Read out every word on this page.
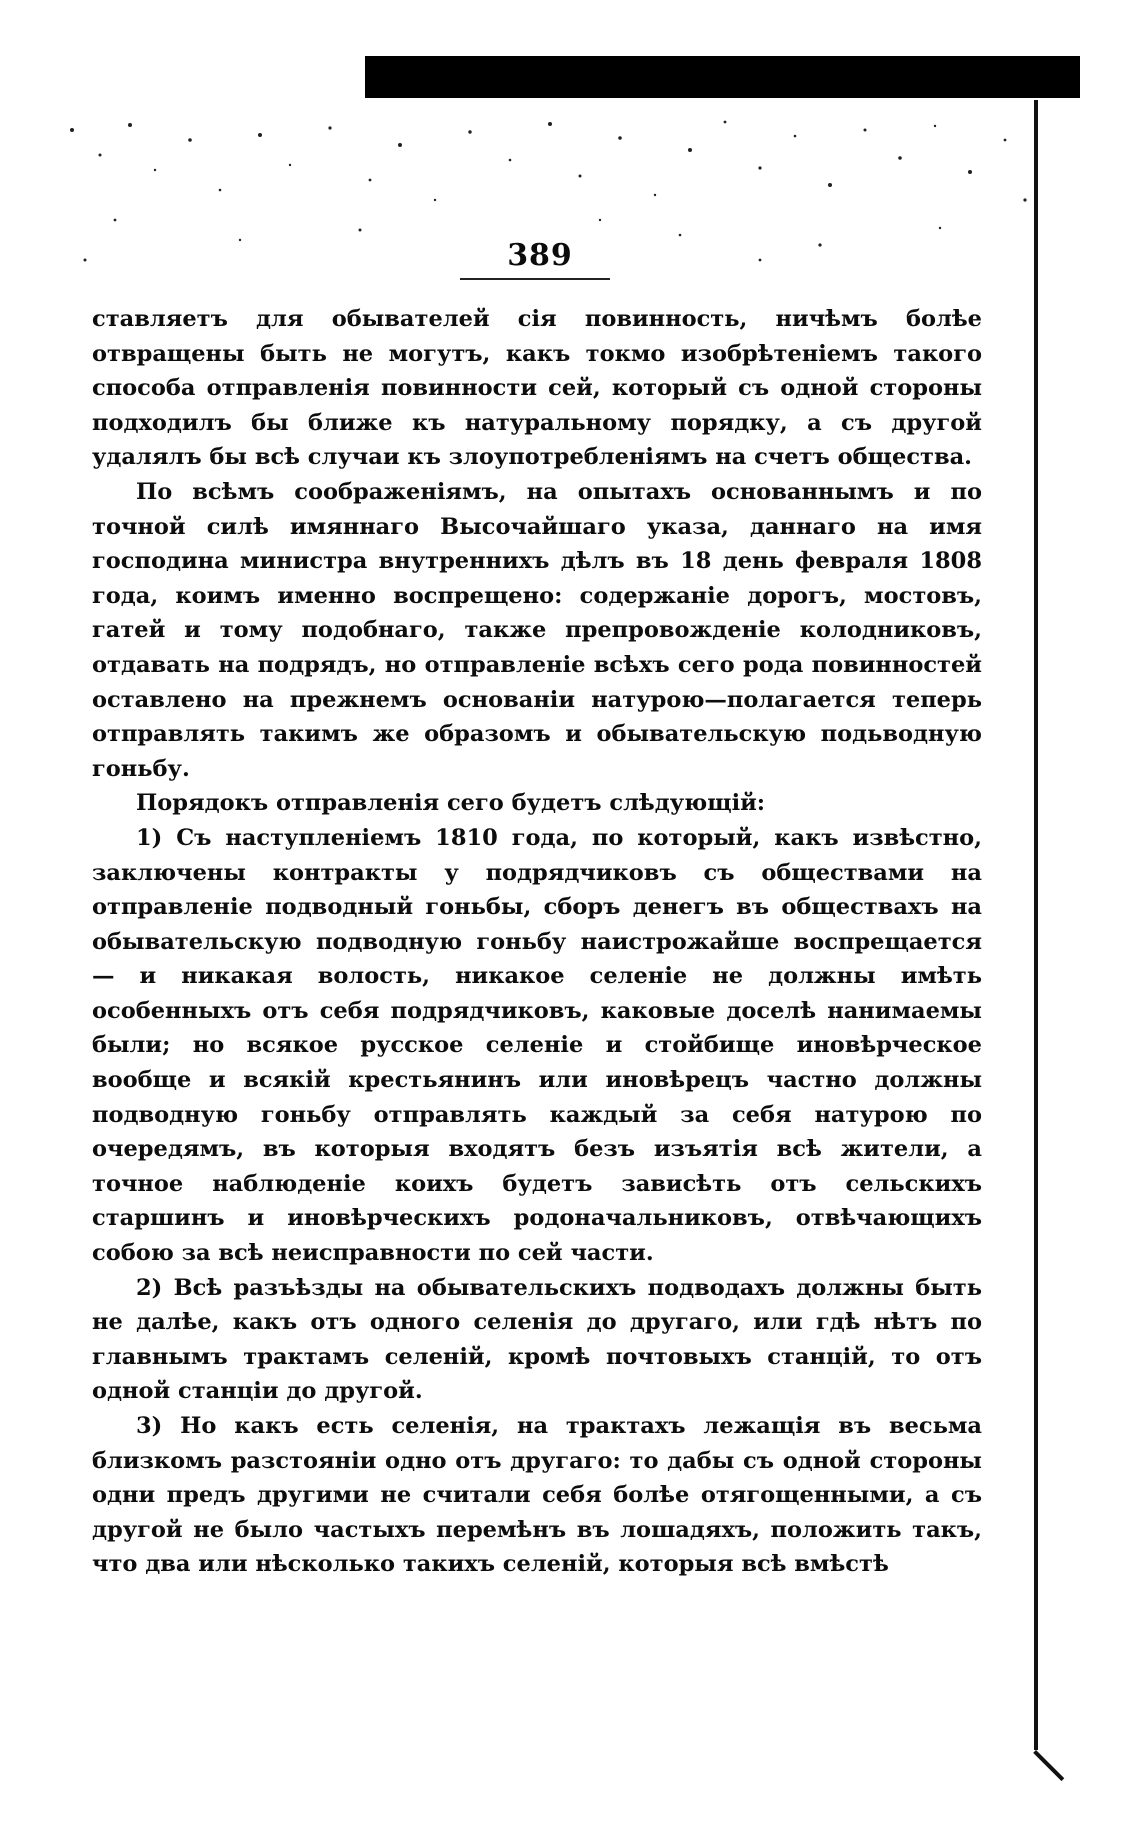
389

ставляетъ для обывателей сія повинность, ничѣмъ болѣе отвращены быть не могутъ, какъ токмо изобрѣтеніемъ такого способа отправленія повинности сей, который съ одной стороны подходилъ бы ближе къ натуральному порядку, а съ другой удалялъ бы всѣ случаи къ злоупотребленіямъ на счетъ общества.

По всѣмъ соображеніямъ, на опытахъ основаннымъ и по точной силѣ имяннаго Высочайшаго указа, даннаго на имя господина министра внутреннихъ дѣлъ въ 18 день февраля 1808 года, коимъ именно воспрещено: содержаніе дорогъ, мостовъ, гатей и тому подобнаго, также препровожденіе колодниковъ, отдавать на подрядъ, но отправленіе всѣхъ сего рода повинностей оставлено на прежнемъ основаніи натурою—полагается теперь отправлять такимъ же образомъ и обывательскую подьводную гоньбу.

Порядокъ отправленія сего будетъ слѣдующій:

1) Съ наступленіемъ 1810 года, по который, какъ извѣстно, заключены контракты у подрядчиковъ съ обществами на отправленіе подводный гоньбы, сборъ денегъ въ обществахъ на обывательскую подводную гоньбу наистрожайше воспрещается — и никакая волость, никакое селеніе не должны имѣть особенныхъ отъ себя подрядчиковъ, каковые доселѣ нанимаемы были; но всякое русское селеніе и стойбище иновѣрческое вообще и всякій крестьянинъ или иновѣрецъ частно должны подводную гоньбу отправлять каждый за себя натурою по очередямъ, въ которыя входятъ безъ изъятія всѣ жители, а точное наблюденіе коихъ будетъ зависѣть отъ сельскихъ старшинъ и иновѣрческихъ родоначальниковъ, отвѣчающихъ собою за всѣ неисправности по сей части.

2) Всѣ разъѣзды на обывательскихъ подводахъ должны быть не далѣе, какъ отъ одного селенія до другаго, или гдѣ нѣтъ по главнымъ трактамъ селеній, кромѣ почтовыхъ станцій, то отъ одной станціи до другой.

3) Но какъ есть селенія, на трактахъ лежащія въ весьма близкомъ разстояніи одно отъ другаго: то дабы съ одной стороны одни предъ другими не считали себя болѣе отягощенными, а съ другой не было частыхъ перемѣнъ въ лошадяхъ, положить такъ, что два или нѣсколько такихъ селеній, которыя всѣ вмѣстѣ
